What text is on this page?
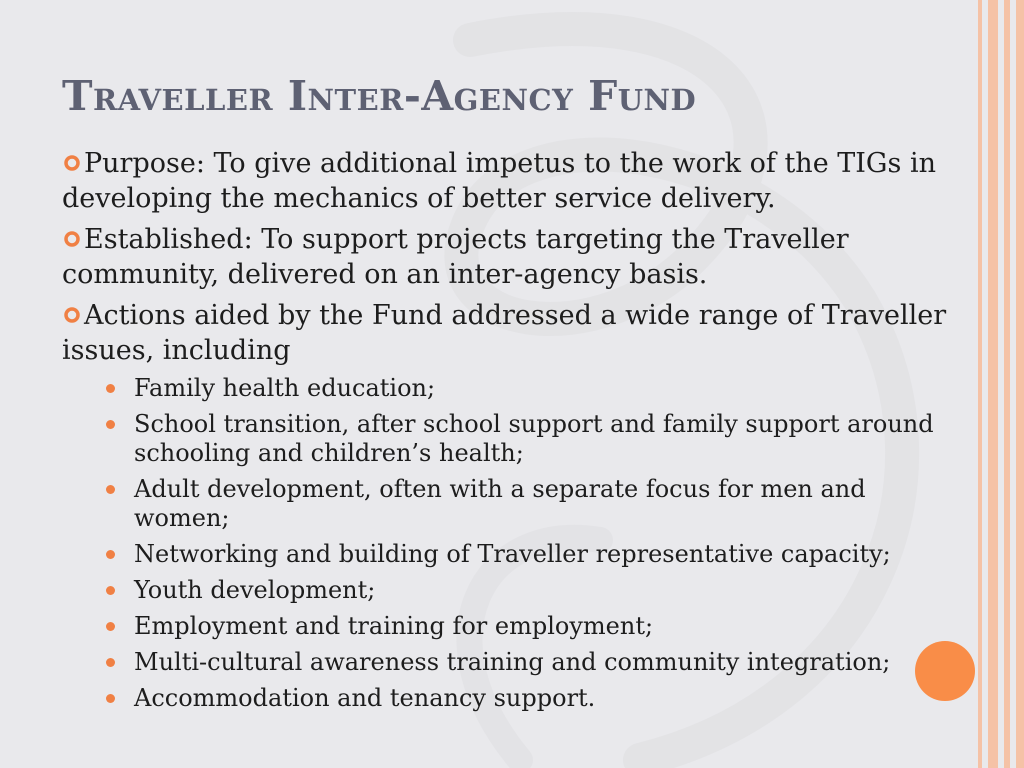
Traveller Inter-Agency Fund

Purpose: To give additional impetus to the work of the TIGs in developing the mechanics of better service delivery.

Established: To support projects targeting the Traveller community, delivered on an inter-agency basis.

Actions aided by the Fund addressed a wide range of Traveller issues, including

Family health education;
School transition, after school support and family support around schooling and children’s health;
Adult development, often with a separate focus for men and women;
Networking and building of Traveller representative capacity;
Youth development;
Employment and training for employment;
Multi-cultural awareness training and community integration;
Accommodation and tenancy support.
